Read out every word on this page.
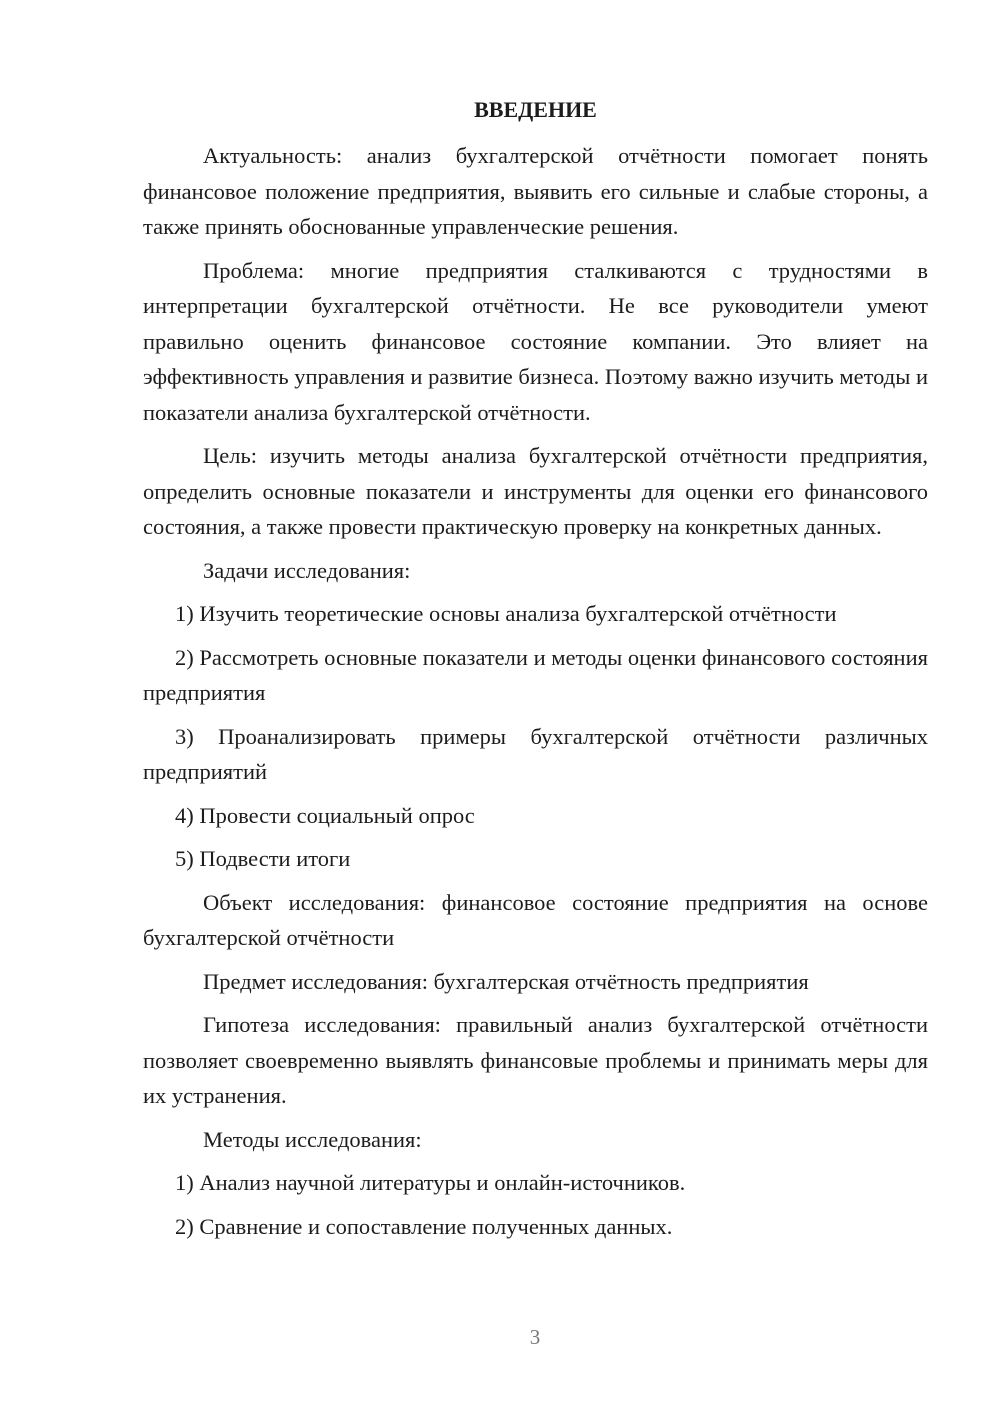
ВВЕДЕНИЕ

Актуальность: анализ бухгалтерской отчётности помогает понять финансовое положение предприятия, выявить его сильные и слабые стороны, а также принять обоснованные управленческие решения.

Проблема: многие предприятия сталкиваются с трудностями в интерпретации бухгалтерской отчётности. Не все руководители умеют правильно оценить финансовое состояние компании. Это влияет на эффективность управления и развитие бизнеса. Поэтому важно изучить методы и показатели анализа бухгалтерской отчётности.

Цель: изучить методы анализа бухгалтерской отчётности предприятия, определить основные показатели и инструменты для оценки его финансового состояния, а также провести практическую проверку на конкретных данных.

Задачи исследования:

1) Изучить теоретические основы анализа бухгалтерской отчётности

2) Рассмотреть основные показатели и методы оценки финансового состояния предприятия

3) Проанализировать примеры бухгалтерской отчётности различных предприятий

4) Провести социальный опрос

5) Подвести итоги

Объект исследования: финансовое состояние предприятия на основе бухгалтерской отчётности

Предмет исследования: бухгалтерская отчётность предприятия

Гипотеза исследования: правильный анализ бухгалтерской отчётности позволяет своевременно выявлять финансовые проблемы и принимать меры для их устранения.

Методы исследования:

1) Анализ научной литературы и онлайн-источников.

2) Сравнение и сопоставление полученных данных.

3
